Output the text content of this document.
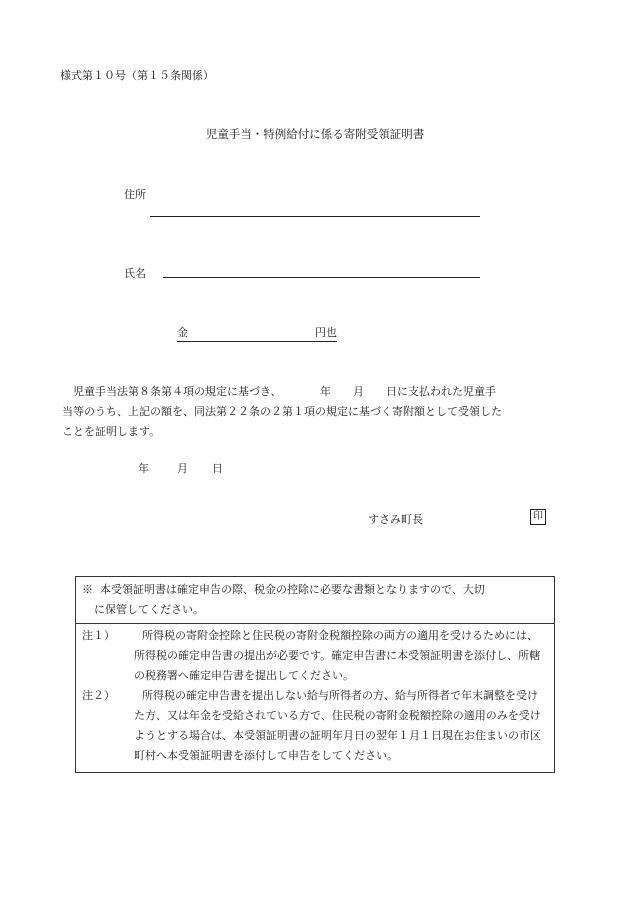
様式第１０号（第１５条関係）
児童手当・特例給付に係る寄附受領証明書
住所
氏名
金	円也
児童手当法第８条第４項の規定に基づき、　　　　年　　月　　日に支払われた児童手
当等のうち、上記の額を、同法第２２条の２第１項の規定に基づく寄附額として受領した
ことを証明します。
年	月 日
すさみ町長	印
※ 本受領証明書は確定申告の際、税金の控除に必要な書類となりますので、大切
に保管してください。
注１）	所得税の寄附金控除と住民税の寄附金税額控除の両方の適用を受けるためには、所得税の確定申告書の提出が必要です。確定申告書に本受領証明書を添付し、所轄の税務署へ確定申告書を提出してください。
注２）	所得税の確定申告書を提出しない給与所得者の方、給与所得者で年末調整を受けた方、又は年金を受給されている方で、住民税の寄附金税額控除の適用のみを受けようとする場合は、本受領証明書の証明年月日の翌年１月１日現在お住まいの市区町村へ本受領証明書を添付して申告をしてください。
